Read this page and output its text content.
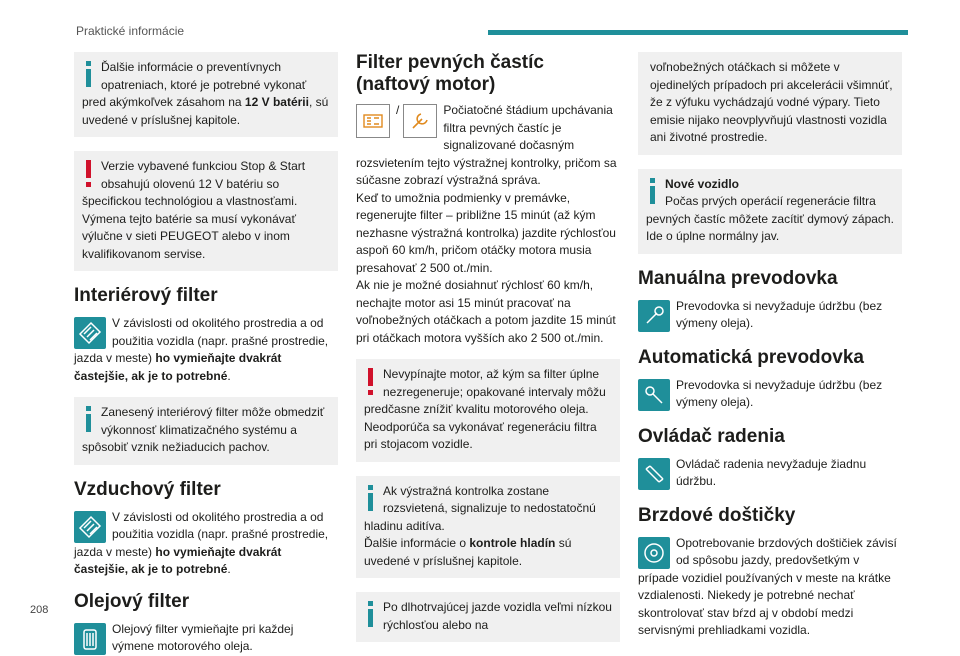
Praktické informácie
208
Ďalšie informácie o preventívnych opatreniach, ktoré je potrebné vykonať pred akýmkoľvek zásahom na 12 V batérii, sú uvedené v príslušnej kapitole.
Verzie vybavené funkciou Stop & Start obsahujú olovenú 12 V batériu so špecifickou technológiou a vlastnosťami. Výmena tejto batérie sa musí vykonávať výlučne v sieti PEUGEOT alebo v inom kvalifikovanom servise.
Interiérový filter
V závislosti od okolitého prostredia a od použitia vozidla (napr. prašné prostredie, jazda v meste) ho vymieňajte dvakrát častejšie, ak je to potrebné.
Zanesený interiérový filter môže obmedziť výkonnosť klimatizačného systému a spôsobiť vznik nežiaducich pachov.
Vzduchový filter
V závislosti od okolitého prostredia a od použitia vozidla (napr. prašné prostredie, jazda v meste) ho vymieňajte dvakrát častejšie, ak je to potrebné.
Olejový filter
Olejový filter vymieňajte pri každej výmene motorového oleja.
Filter pevných častíc (naftový motor)
/	Počiatočné štádium upchávania filtra pevných častíc je signalizované dočasným rozsvietením tejto výstražnej kontrolky, pričom sa súčasne zobrazí výstražná správa.
Keď to umožnia podmienky v premávke, regenerujte filter – približne 15 minút (až kým nezhasne výstražná kontrolka) jazdite rýchlosťou aspoň 60 km/h, pričom otáčky motora musia presahovať 2 500 ot./min.
Ak nie je možné dosiahnuť rýchlosť 60 km/h, nechajte motor asi 15 minút pracovať na voľnobežných otáčkach a potom jazdite 15 minút pri otáčkach motora vyšších ako 2 500 ot./min.
Nevypínajte motor, až kým sa filter úplne nezregeneruje; opakované intervaly môžu predčasne znížiť kvalitu motorového oleja.
Neodporúča sa vykonávať regeneráciu filtra pri stojacom vozidle.
Ak výstražná kontrolka zostane rozsvietená, signalizuje to nedostatočnú hladinu aditíva.
Ďalšie informácie o kontrole hladín sú uvedené v príslušnej kapitole.
Po dlhotrvajúcej jazde vozidla veľmi nízkou rýchlosťou alebo na
voľnobežných otáčkach si môžete v ojedinelých prípadoch pri akcelerácii všimnúť, že z výfuku vychádzajú vodné výpary. Tieto emisie nijako neovplyvňujú vlastnosti vozidla ani životné prostredie.
Nové vozidlo
Počas prvých operácií regenerácie filtra pevných častíc môžete zacítiť dymový zápach. Ide o úplne normálny jav.
Manuálna prevodovka
Prevodovka si nevyžaduje údržbu (bez výmeny oleja).
Automatická prevodovka
Prevodovka si nevyžaduje údržbu (bez výmeny oleja).
Ovládač radenia
Ovládač radenia nevyžaduje žiadnu údržbu.
Brzdové doštičky
Opotrebovanie brzdových doštičiek závisí od spôsobu jazdy, predovšetkým v prípade vozidiel používaných v meste na krátke vzdialenosti. Niekedy je potrebné nechať skontrolovať stav bŕzd aj v období medzi servisnými prehliadkami vozidla.
